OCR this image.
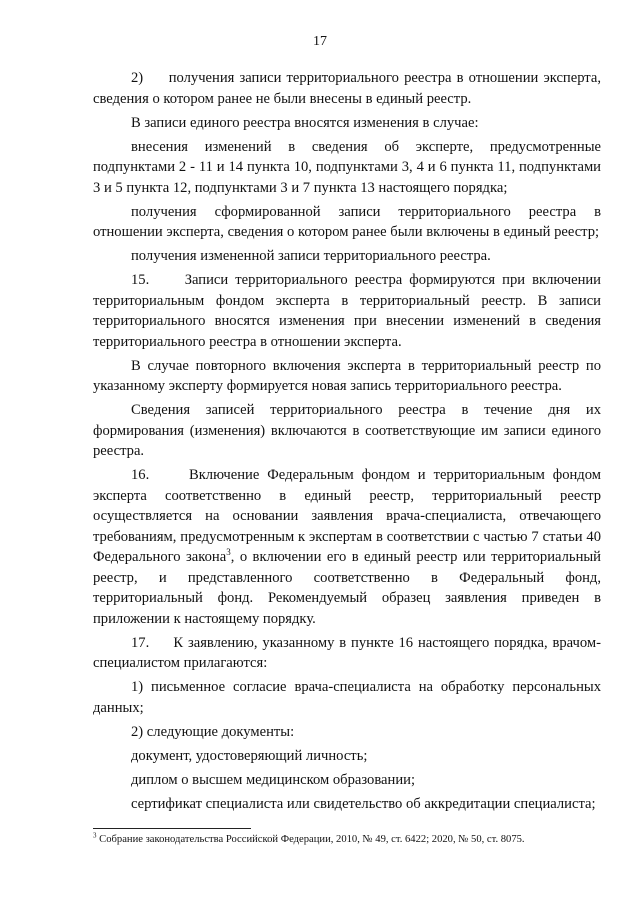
17

2)     получения записи территориального реестра в отношении эксперта, сведения о котором ранее не были внесены в единый реестр.

В записи единого реестра вносятся изменения в случае:

внесения изменений в сведения об эксперте, предусмотренные подпунктами 2 - 11 и 14 пункта 10, подпунктами 3, 4 и 6 пункта 11, подпунктами 3 и 5 пункта 12, подпунктами 3 и 7 пункта 13 настоящего порядка;

получения сформированной записи территориального реестра в отношении эксперта, сведения о котором ранее были включены в единый реестр;

получения измененной записи территориального реестра.

15.     Записи территориального реестра формируются при включении территориальным фондом эксперта в территориальный реестр. В записи территориального вносятся изменения при внесении изменений в сведения территориального реестра в отношении эксперта.

В случае повторного включения эксперта в территориальный реестр по указанному эксперту формируется новая запись территориального реестра.

Сведения записей территориального реестра в течение дня их формирования (изменения) включаются в соответствующие им записи единого реестра.

16.     Включение Федеральным фондом и территориальным фондом эксперта соответственно в единый реестр, территориальный реестр осуществляется на основании заявления врача-специалиста, отвечающего требованиям, предусмотренным к экспертам в соответствии с частью 7 статьи 40 Федерального закона$^3$, о включении его в единый реестр или территориальный реестр, и представленного соответственно в Федеральный фонд, территориальный фонд. Рекомендуемый образец заявления приведен в приложении к настоящему порядку.

17.     К заявлению, указанному в пункте 16 настоящего порядка, врачом-специалистом прилагаются:

1) письменное согласие врача-специалиста на обработку персональных данных;

2) следующие документы:

документ, удостоверяющий личность;

диплом о высшем медицинском образовании;

сертификат специалиста или свидетельство об аккредитации специалиста;

$^3$ Собрание законодательства Российской Федерации, 2010, № 49, ст. 6422; 2020, № 50, ст. 8075.
